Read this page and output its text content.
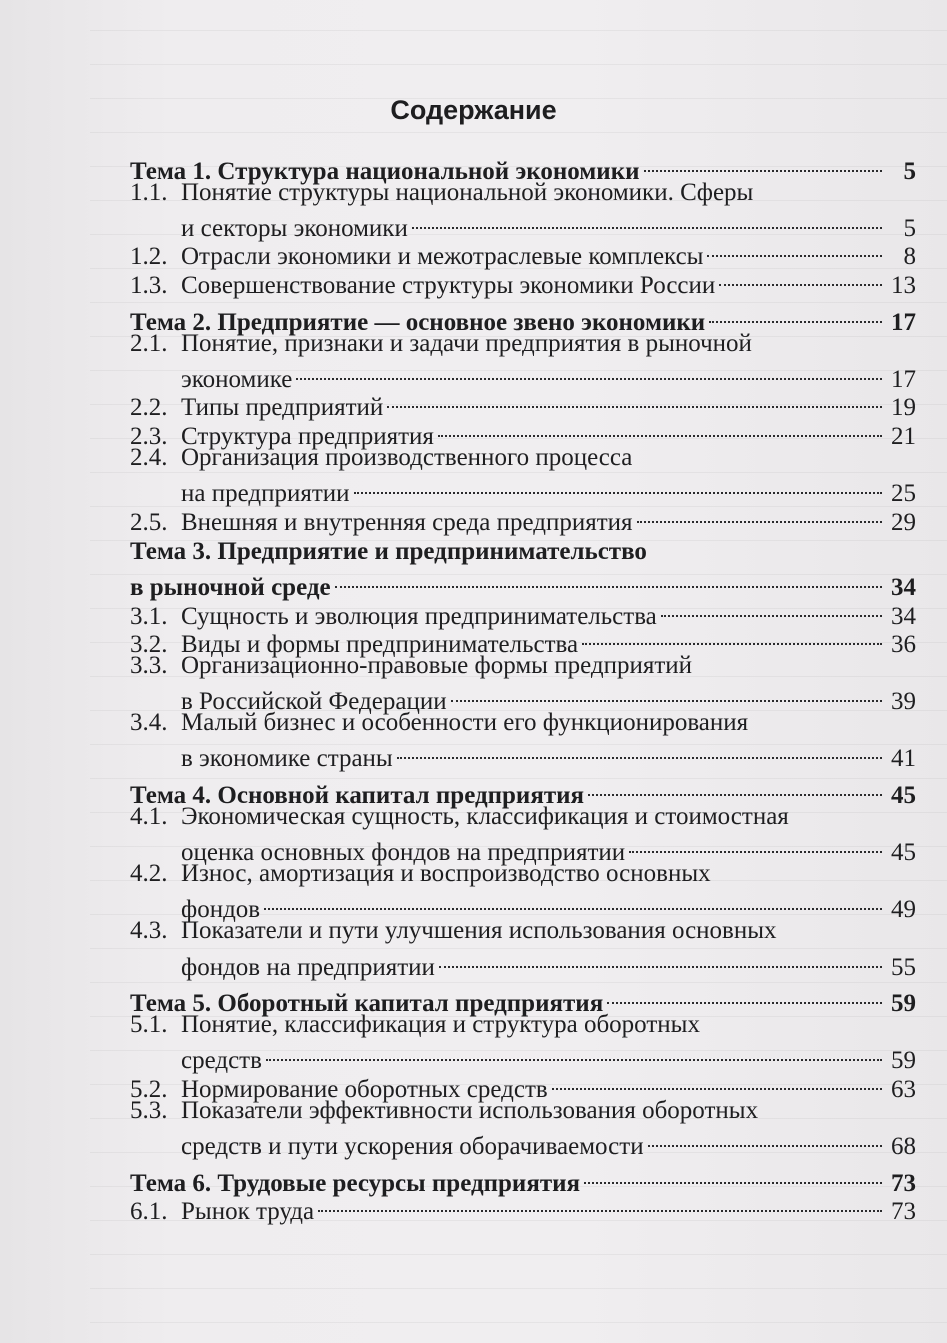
Содержание
Тема 1. Структура национальной экономики	5
1.1. Понятие структуры национальной экономики. Сферы
и секторы экономики	5
1.2. Отрасли экономики и межотраслевые комплексы	8
1.3. Совершенствование структуры экономики России	13
Тема 2. Предприятие — основное звено экономики	17
2.1. Понятие, признаки и задачи предприятия в рыночной
экономике	17
2.2. Типы предприятий	19
2.3. Структура предприятия	21
2.4. Организация производственного процесса
на предприятии	25
2.5. Внешняя и внутренняя среда предприятия	29
Тема 3. Предприятие и предпринимательство
в рыночной среде	34
3.1. Сущность и эволюция предпринимательства	34
3.2. Виды и формы предпринимательства	36
3.3. Организационно-правовые формы предприятий
в Российской Федерации	39
3.4. Малый бизнес и особенности его функционирования
в экономике страны	41
Тема 4. Основной капитал предприятия	45
4.1. Экономическая сущность, классификация и стоимостная
оценка основных фондов на предприятии	45
4.2. Износ, амортизация и воспроизводство основных
фондов	49
4.3. Показатели и пути улучшения использования основных
фондов на предприятии	55
Тема 5. Оборотный капитал предприятия	59
5.1. Понятие, классификация и структура оборотных
средств	59
5.2. Нормирование оборотных средств	63
5.3. Показатели эффективности использования оборотных
средств и пути ускорения оборачиваемости	68
Тема 6. Трудовые ресурсы предприятия	73
6.1. Рынок труда	73
